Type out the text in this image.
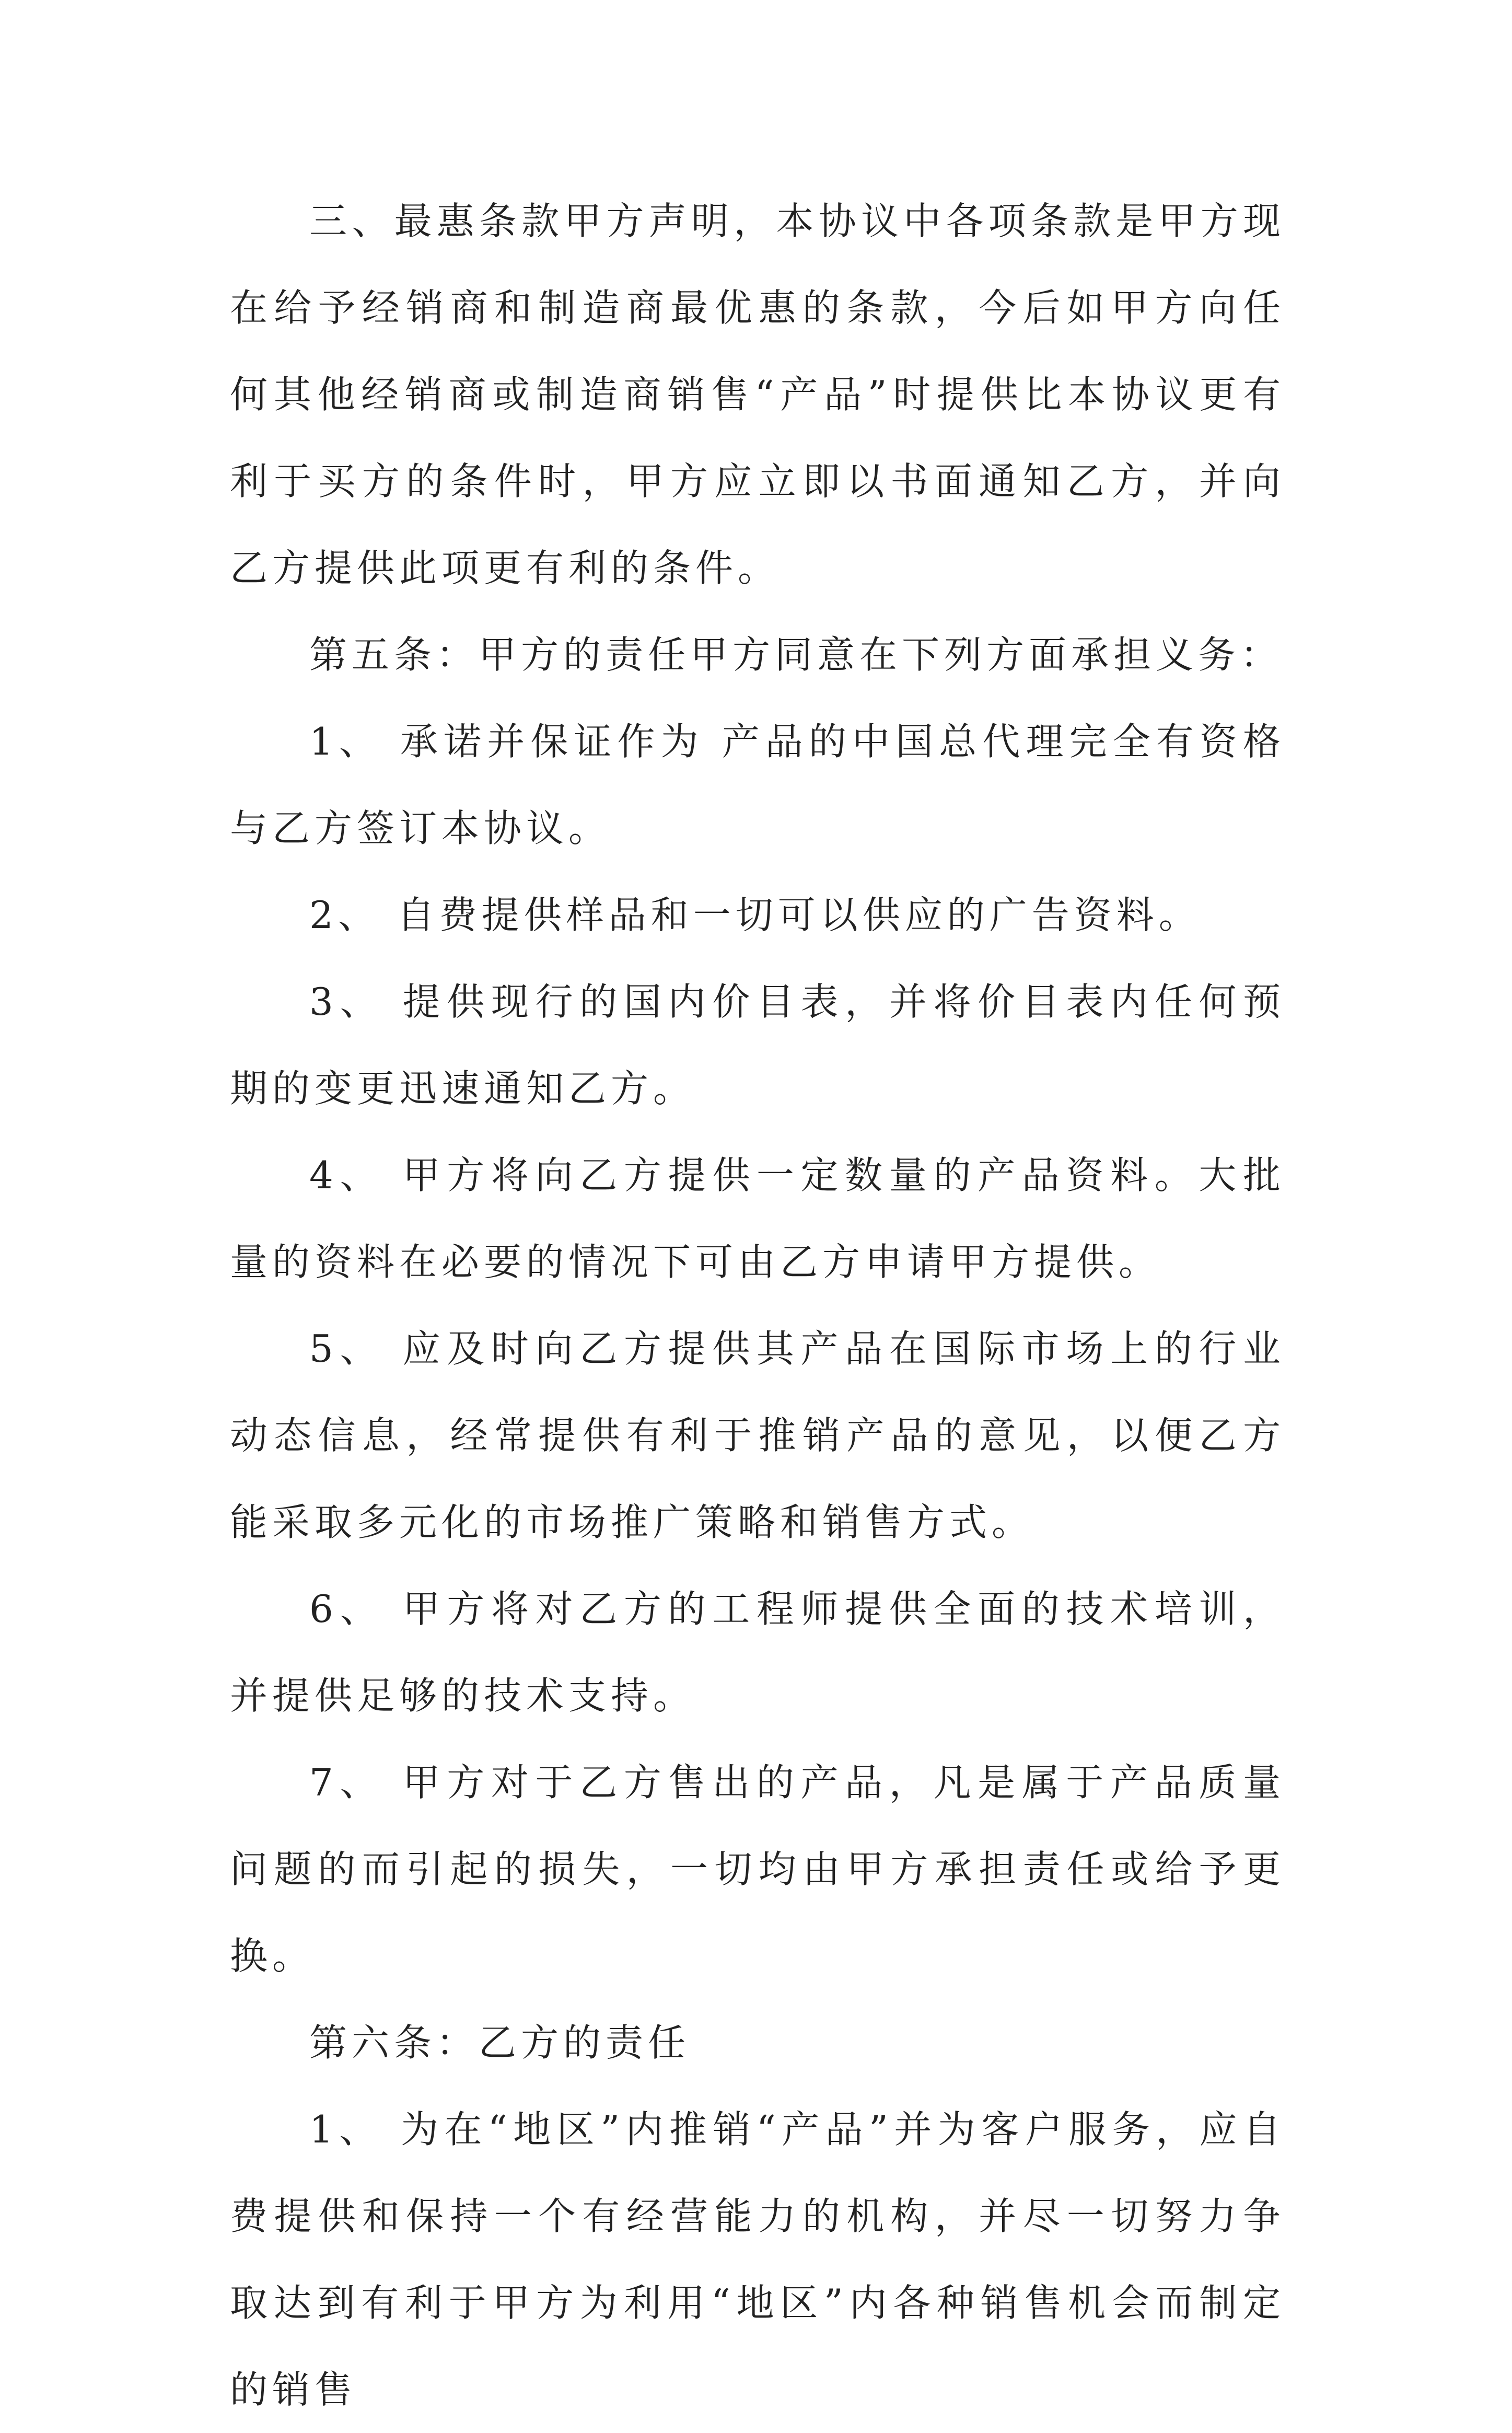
三、最惠条款甲方声明，本协议中各项条款是甲方现在给予经销商和制造商最优惠的条款，今后如甲方向任何其他经销商或制造商销售“产品”时提供比本协议更有利于买方的条件时，甲方应立即以书面通知乙方，并向乙方提供此项更有利的条件。

第五条：甲方的责任甲方同意在下列方面承担义务：

1、 承诺并保证作为 产品的中国总代理完全有资格与乙方签订本协议。

2、 自费提供样品和一切可以供应的广告资料。

3、 提供现行的国内价目表，并将价目表内任何预期的变更迅速通知乙方。

4、 甲方将向乙方提供一定数量的产品资料。大批量的资料在必要的情况下可由乙方申请甲方提供。

5、 应及时向乙方提供其产品在国际市场上的行业动态信息，经常提供有利于推销产品的意见，以便乙方能采取多元化的市场推广策略和销售方式。

6、 甲方将对乙方的工程师提供全面的技术培训，并提供足够的技术支持。

7、 甲方对于乙方售出的产品，凡是属于产品质量问题的而引起的损失，一切均由甲方承担责任或给予更换。

第六条：乙方的责任

1、 为在“地区”内推销“产品”并为客户服务，应自费提供和保持一个有经营能力的机构，并尽一切努力争取达到有利于甲方为利用“地区”内各种销售机会而制定的销售
